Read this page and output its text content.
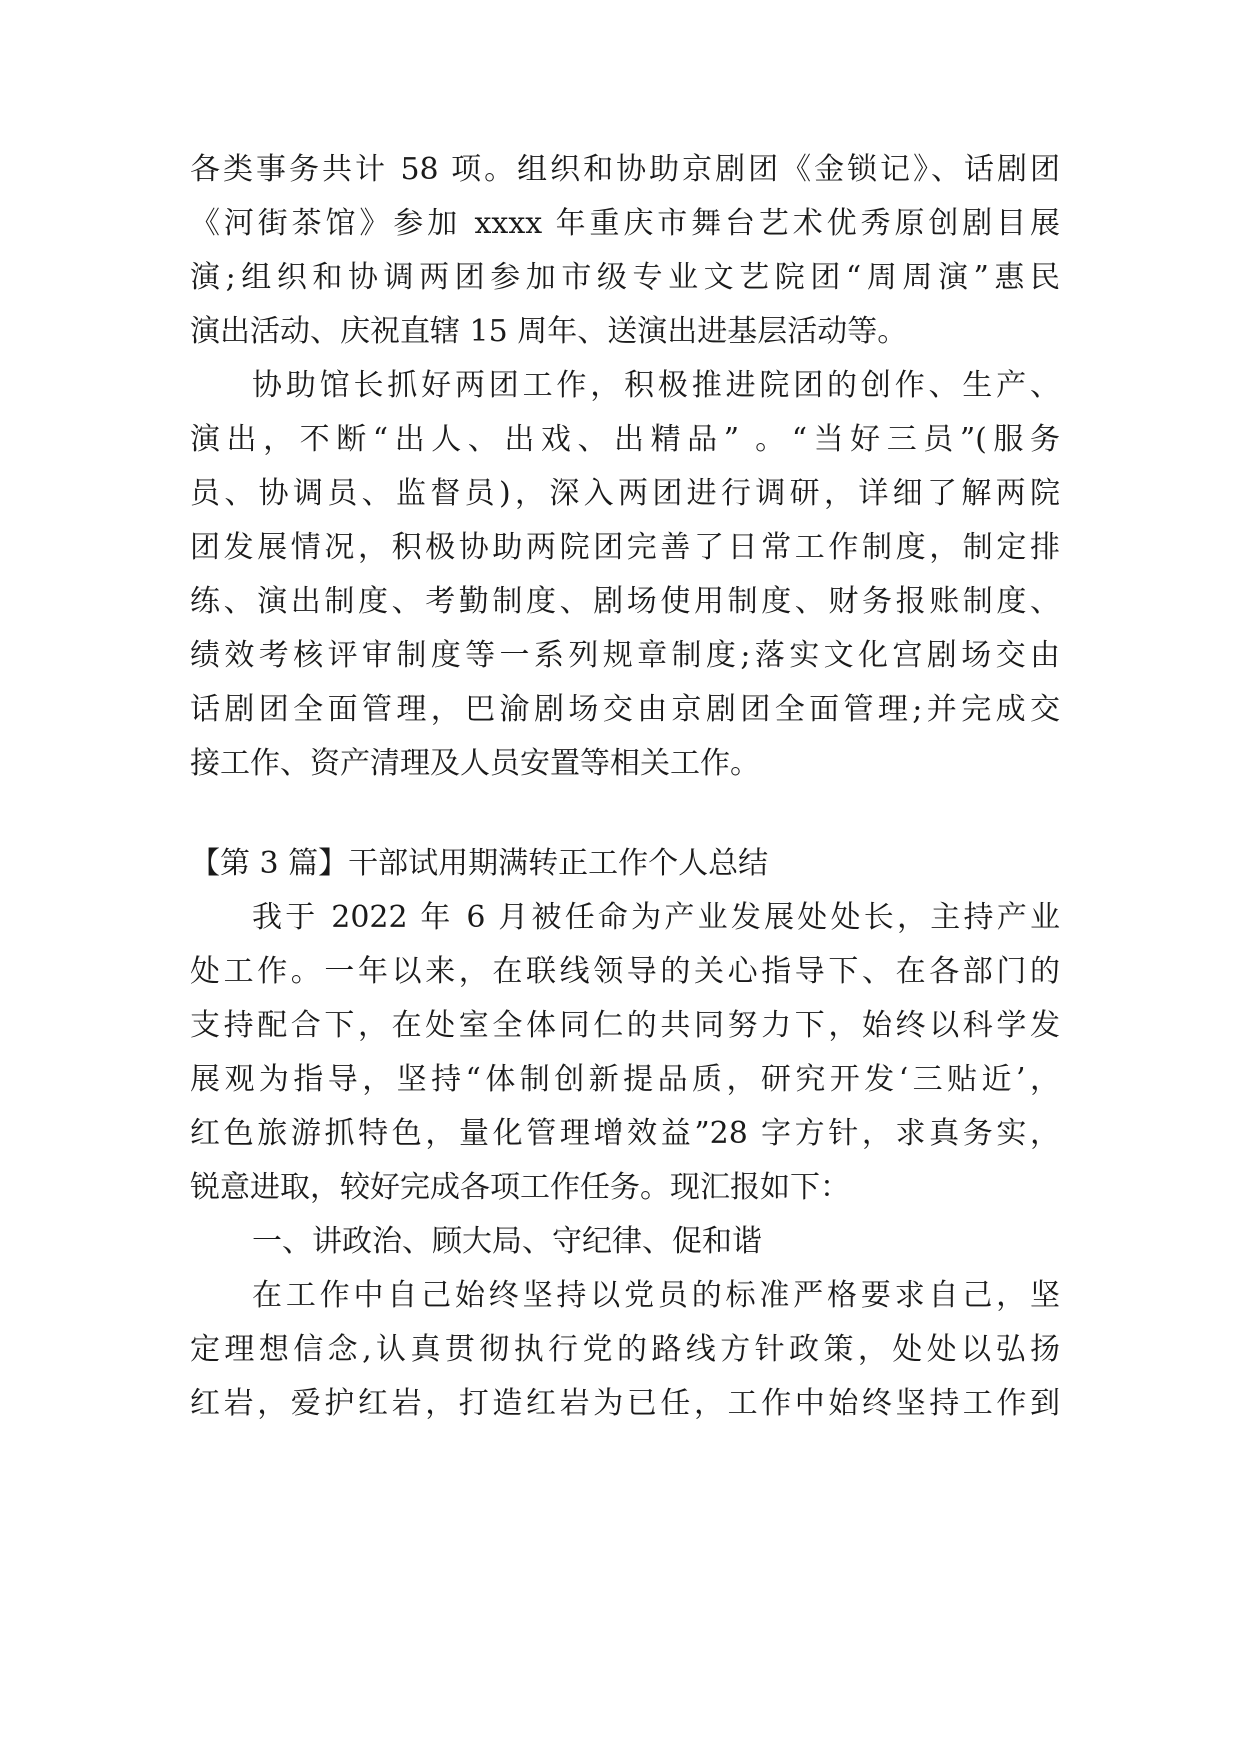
各类事务共计 58 项。组织和协助京剧团《金锁记》、话剧团
《河街茶馆》参加 xxxx 年重庆市舞台艺术优秀原创剧目展
演;组织和协调两团参加市级专业文艺院团“周周演”惠民
演出活动、庆祝直辖 15 周年、送演出进基层活动等。
协助馆长抓好两团工作，积极推进院团的创作、生产、
演出，不断“出人、出戏、出精品” 。“当好三员”(服务
员、协调员、监督员)，深入两团进行调研，详细了解两院
团发展情况，积极协助两院团完善了日常工作制度，制定排
练、演出制度、考勤制度、剧场使用制度、财务报账制度、
绩效考核评审制度等一系列规章制度;落实文化宫剧场交由
话剧团全面管理，巴渝剧场交由京剧团全面管理;并完成交
接工作、资产清理及人员安置等相关工作。
【第 3 篇】干部试用期满转正工作个人总结
我于 2022 年 6 月被任命为产业发展处处长，主持产业
处工作。一年以来，在联线领导的关心指导下、在各部门的
支持配合下，在处室全体同仁的共同努力下，始终以科学发
展观为指导，坚持“体制创新提品质，研究开发‘三贴近’，
红色旅游抓特色，量化管理增效益”28 字方针，求真务实，
锐意进取，较好完成各项工作任务。现汇报如下：
一、讲政治、顾大局、守纪律、促和谐
在工作中自己始终坚持以党员的标准严格要求自己，坚
定理想信念,认真贯彻执行党的路线方针政策，处处以弘扬
红岩，爱护红岩，打造红岩为已任，工作中始终坚持工作到
